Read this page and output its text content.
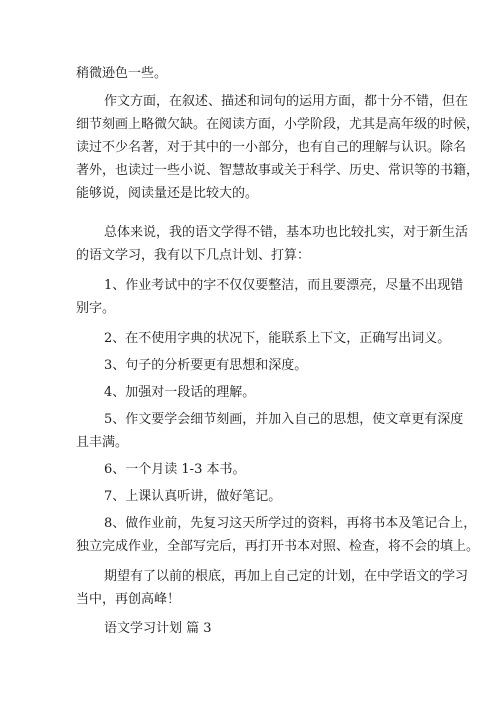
稍微逊色一些。
作文方面，在叙述、描述和词句的运用方面，都十分不错，但在
细节刻画上略微欠缺。在阅读方面，小学阶段，尤其是高年级的时候，
读过不少名著，对于其中的一小部分，也有自己的理解与认识。除名
著外，也读过一些小说、智慧故事或关于科学、历史、常识等的书籍，
能够说，阅读量还是比较大的。
总体来说，我的语文学得不错，基本功也比较扎实，对于新生活
的语文学习，我有以下几点计划、打算：
1、作业考试中的字不仅仅要整洁，而且要漂亮，尽量不出现错
别字。
2、在不使用字典的状况下，能联系上下文，正确写出词义。
3、句子的分析要更有思想和深度。
4、加强对一段话的理解。
5、作文要学会细节刻画，并加入自己的思想，使文章更有深度
且丰满。
6、一个月读 1-3 本书。
7、上课认真听讲，做好笔记。
8、做作业前，先复习这天所学过的资料，再将书本及笔记合上，
独立完成作业，全部写完后，再打开书本对照、检查，将不会的填上。
期望有了以前的根底，再加上自己定的计划，在中学语文的学习
当中，再创高峰！
语文学习计划 篇 3
